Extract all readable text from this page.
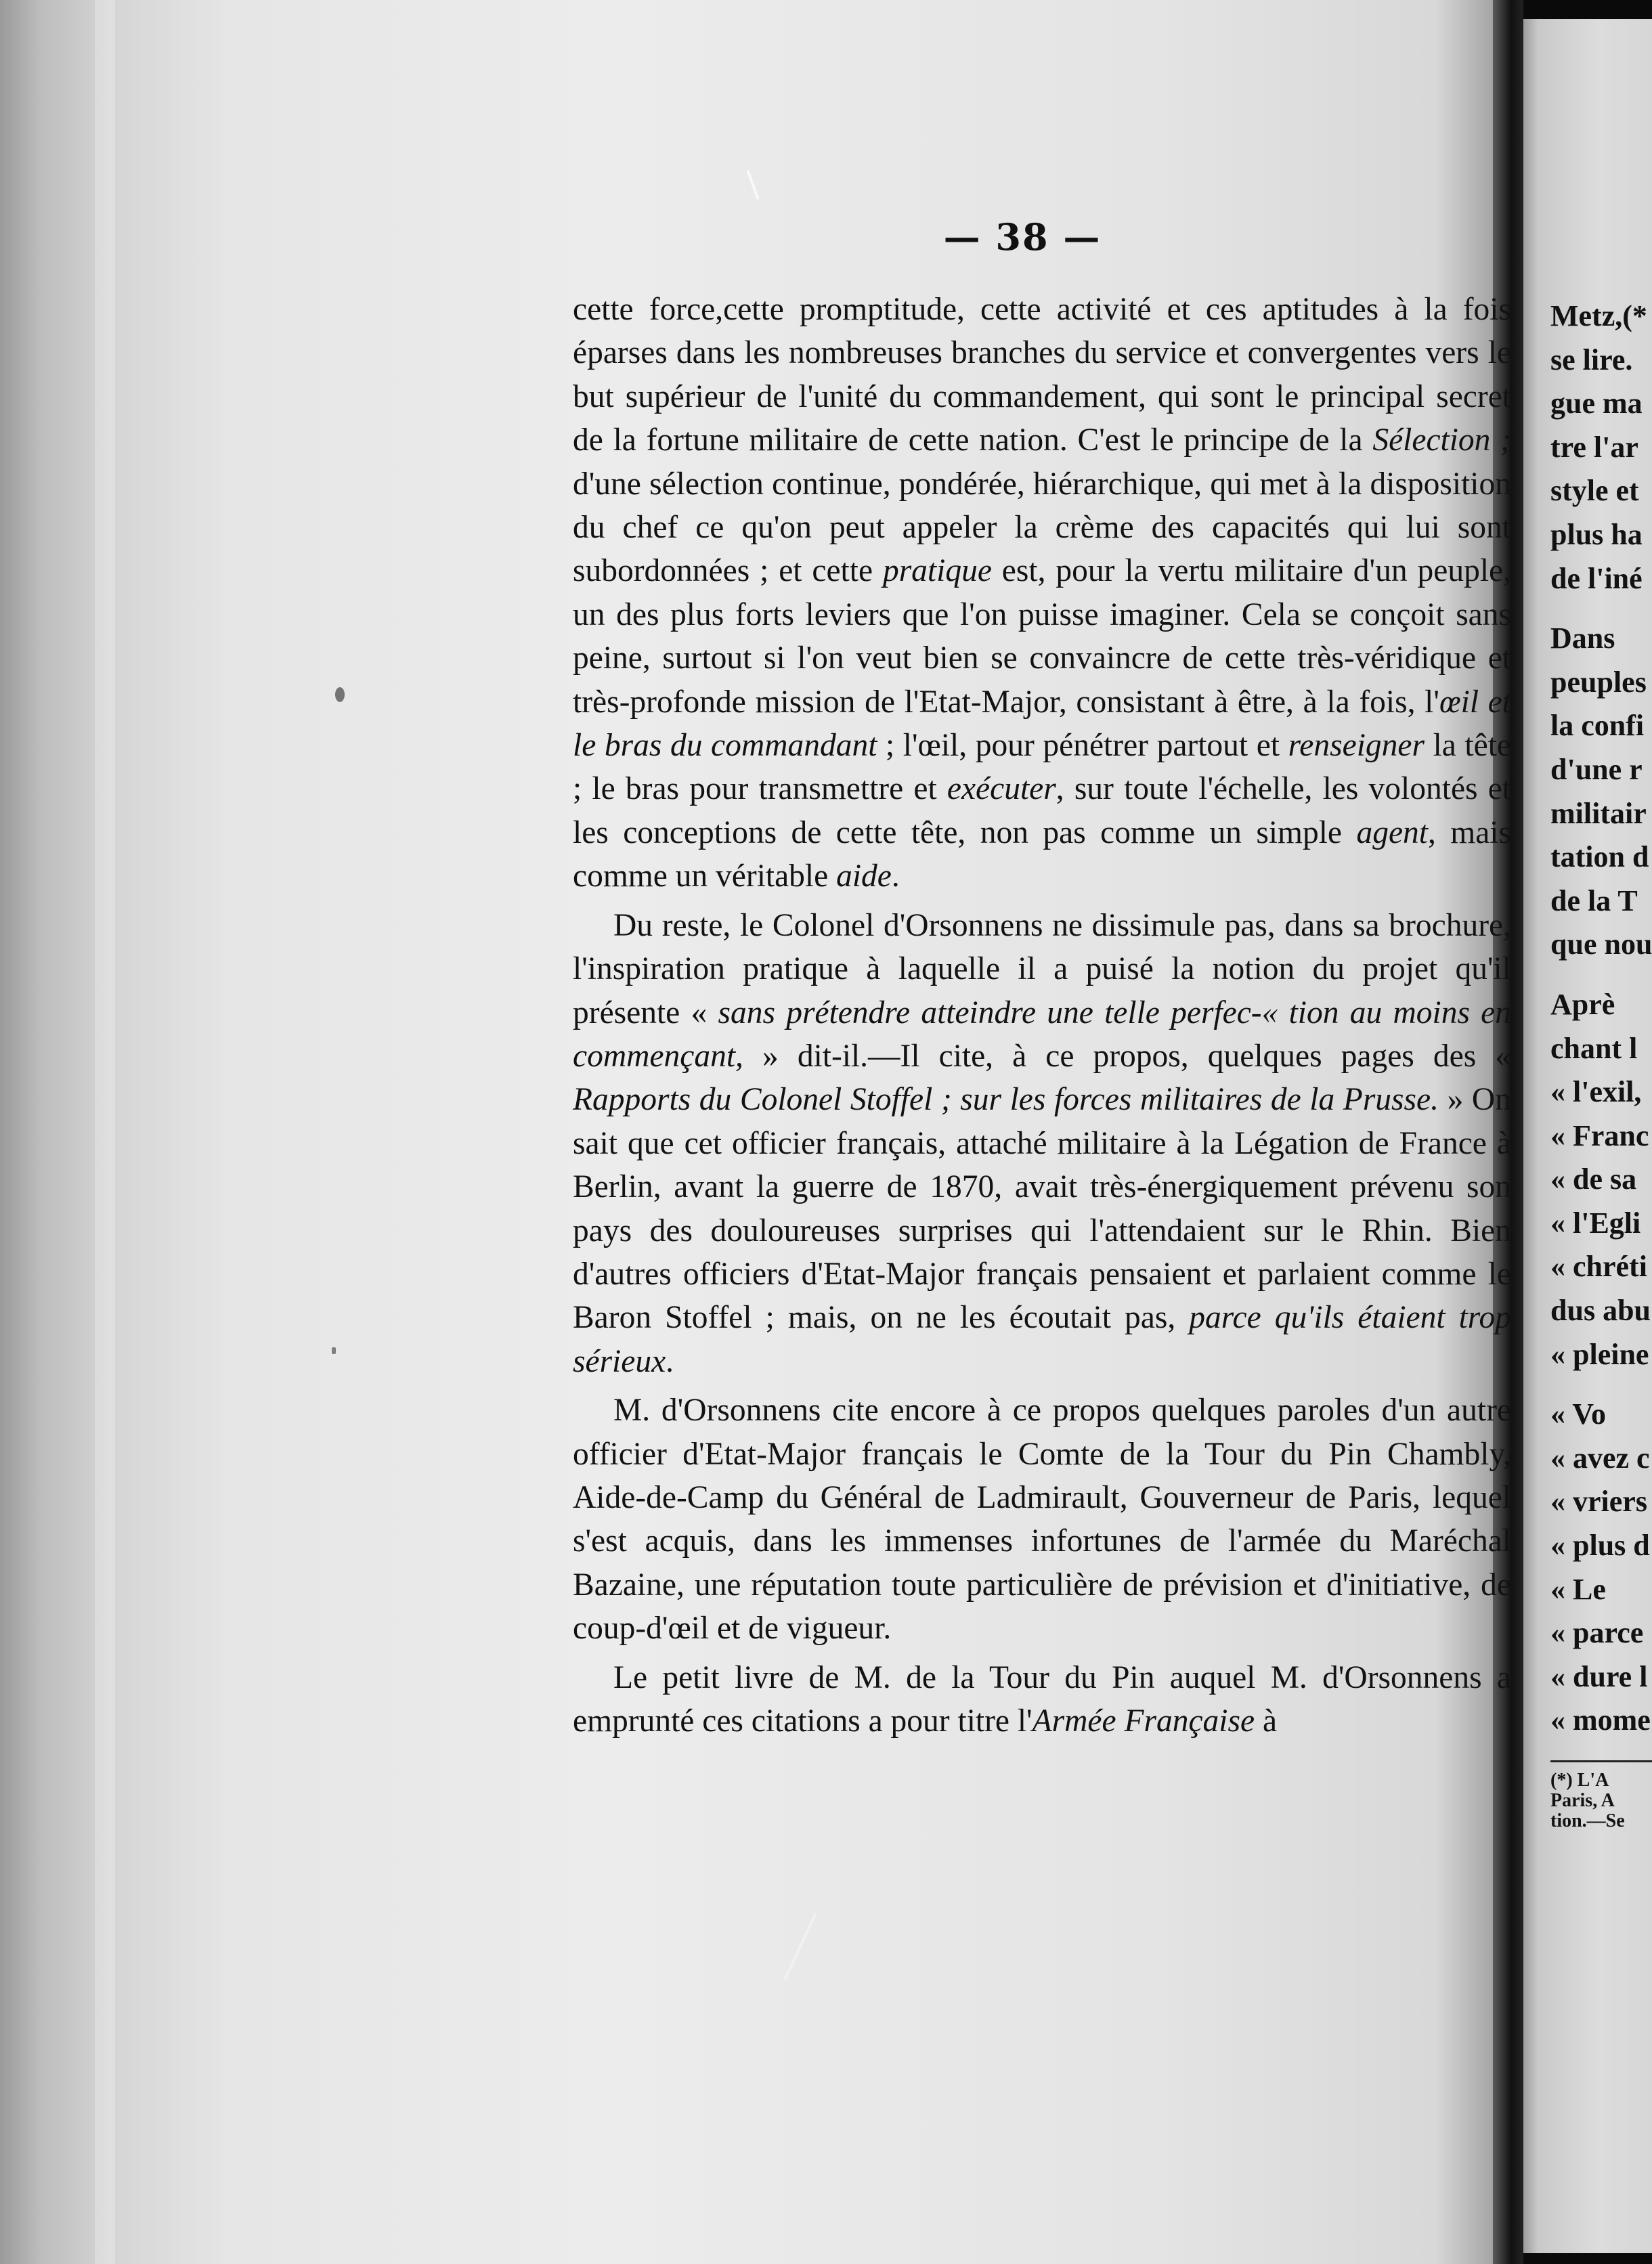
— 38 —

cette force,cette promptitude, cette activité et ces aptitudes à la fois éparses dans les nombreuses branches du service et convergentes vers le but supérieur de l'unité du commandement, qui sont le principal secret de la fortune militaire de cette nation. C'est le principe de la Sélection ; d'une sélection continue, pondérée, hiérarchique, qui met à la disposition du chef ce qu'on peut appeler la crème des capacités qui lui sont subordonnées ; et cette pratique est, pour la vertu militaire d'un peuple, un des plus forts leviers que l'on puisse imaginer. Cela se conçoit sans peine, surtout si l'on veut bien se convaincre de cette très-véridique et très-profonde mission de l'Etat-Major, consistant à être, à la fois, l'œil et le bras du commandant ; l'œil, pour pénétrer partout et renseigner la tête ; le bras pour transmettre et exécuter, sur toute l'échelle, les volontés et les conceptions de cette tête, non pas comme un simple agent, mais comme un véritable aide.

Du reste, le Colonel d'Orsonnens ne dissimule pas, dans sa brochure, l'inspiration pratique à laquelle il a puisé la notion du projet qu'il présente « sans prétendre atteindre une telle perfec-« tion au moins en commençant, » dit-il.—Il cite, à ce propos, quelques pages des « Rapports du Colonel Stoffel ; sur les forces militaires de la Prusse. » On sait que cet officier français, attaché militaire à la Légation de France à Berlin, avant la guerre de 1870, avait très-énergiquement prévenu son pays des douloureuses surprises qui l'attendaient sur le Rhin. Bien d'autres officiers d'Etat-Major français pensaient et parlaient comme le Baron Stoffel ; mais, on ne les écoutait pas, parce qu'ils étaient trop sérieux.

M. d'Orsonnens cite encore à ce propos quelques paroles d'un autre officier d'Etat-Major français le Comte de la Tour du Pin Chambly, Aide-de-Camp du Général de Ladmirault, Gouverneur de Paris, lequel s'est acquis, dans les immenses infortunes de l'armée du Maréchal Bazaine, une réputation toute particulière de prévision et d'initiative, de coup-d'œil et de vigueur.

Le petit livre de M. de la Tour du Pin auquel M. d'Orsonnens a emprunté ces citations a pour titre l'Armée Française à

Metz,(*
se lire.
gue ma
tre l'ar
style et
plus ha
de l'iné
Dans
peuples
la confi
d'une r
militair
tation d
de la T
que nou
Aprè
chant l
« l'exil,
« Franc
« de sa
« l'Egli
« chréti
dus abu
« pleine
« Vo
« avez c
« vriers
« plus d
« Le
« parce
« dure l
« mome
(*) L'A
Paris, A
tion.—Se
